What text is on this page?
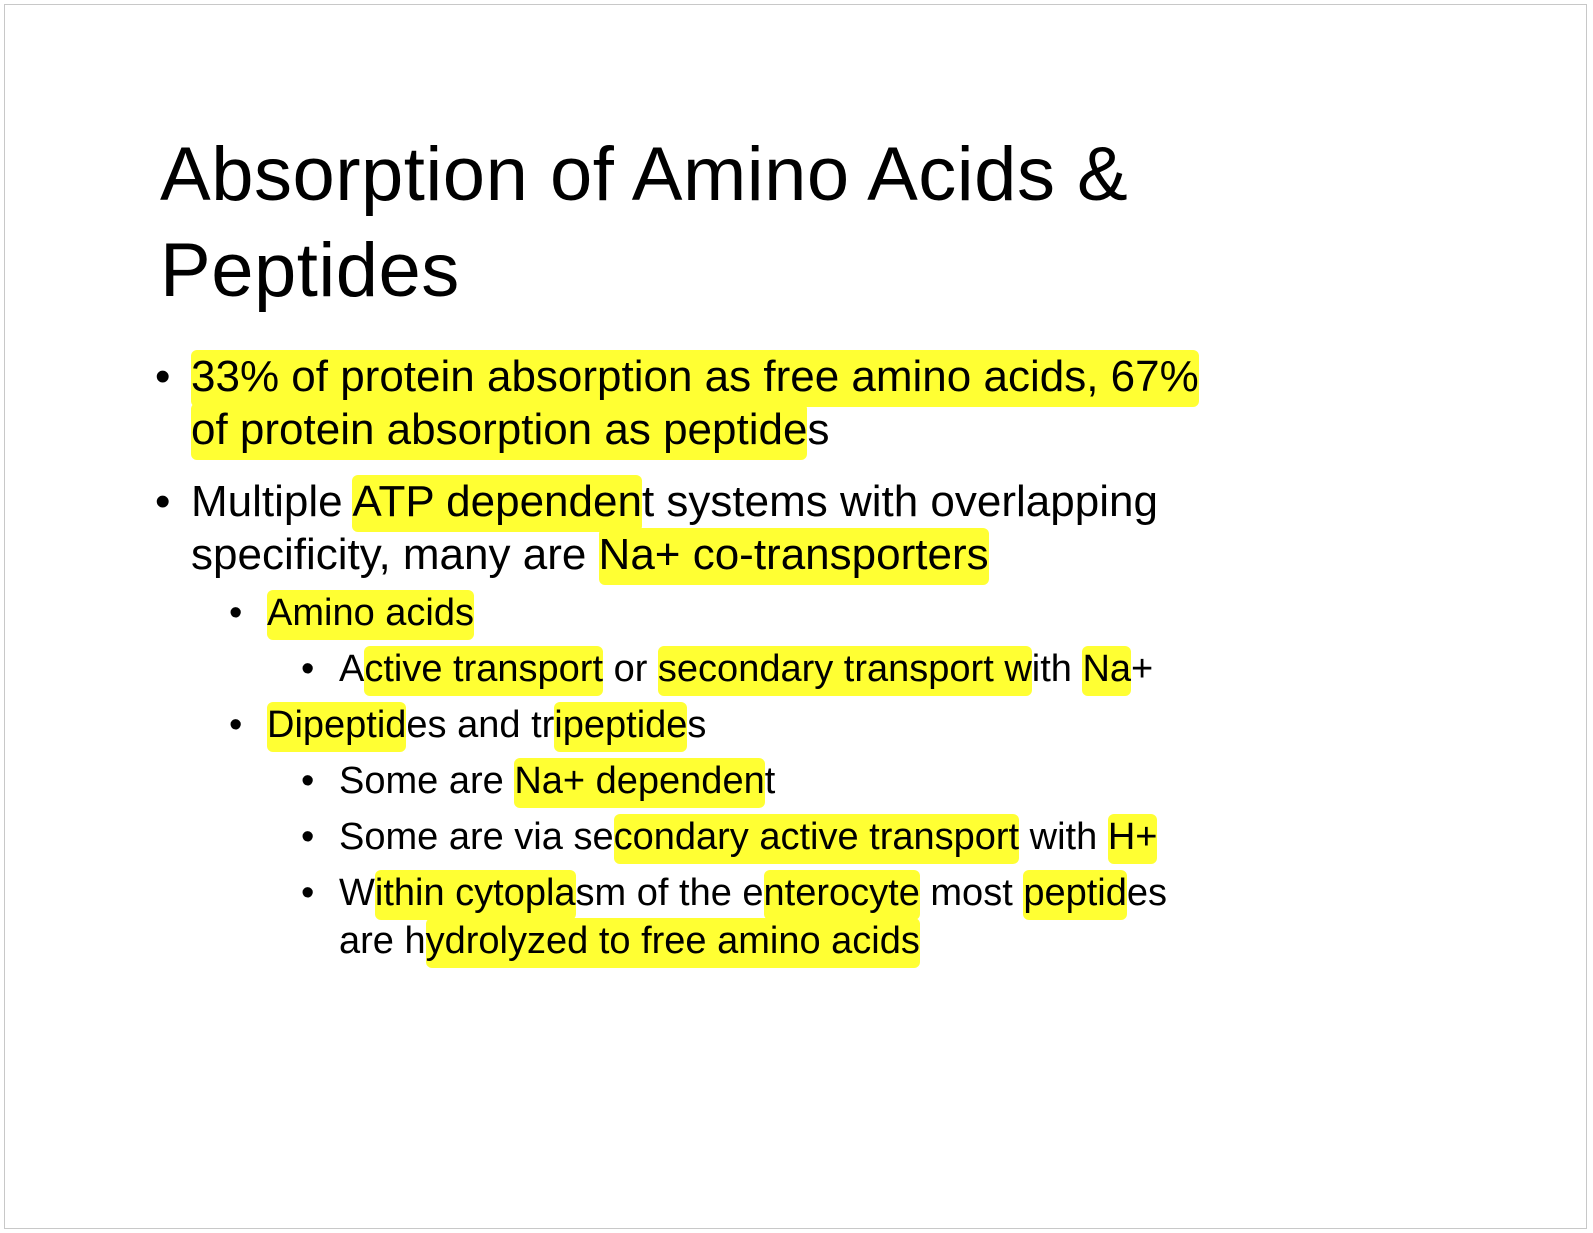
Absorption of Amino Acids &
Peptides
• 33% of protein absorption as free amino acids, 67%
of protein absorption as peptides
• Multiple ATP dependent systems with overlapping
specificity, many are Na+ co-transporters
• Amino acids
• Active transport or secondary transport with Na+
• Dipeptides and tripeptides
• Some are Na+ dependent
• Some are via secondary active transport with H+
• Within cytoplasm of the enterocyte most peptides
are hydrolyzed to free amino acids
